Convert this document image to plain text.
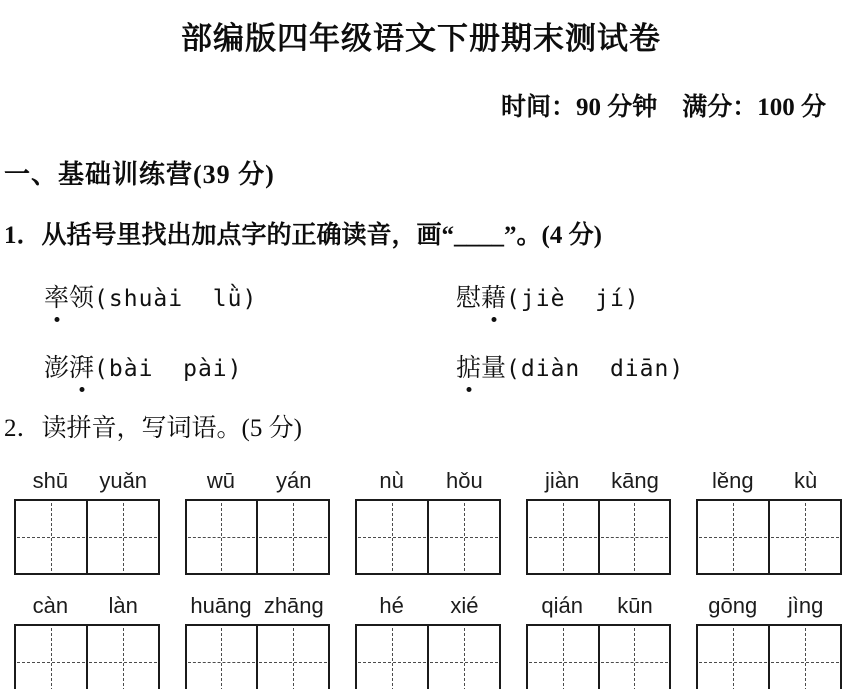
部编版四年级语文下册期末测试卷
时间：90 分钟　满分：100 分
一、基础训练营(39 分)
1．从括号里找出加点字的正确读音，画“____”。(4 分)
率领(shuài  lǜ)	慰藉(jiè  jí)
澎湃(bài  pài)	掂量(diàn  diān)
2．读拼音，写词语。(5 分)
shū	yuǎn	wū	yán	nù	hǒu	jiàn	kāng	lěng	kù
càn	làn	huāng zhāng	hé	xié	qián	kūn	gōng	jìng
